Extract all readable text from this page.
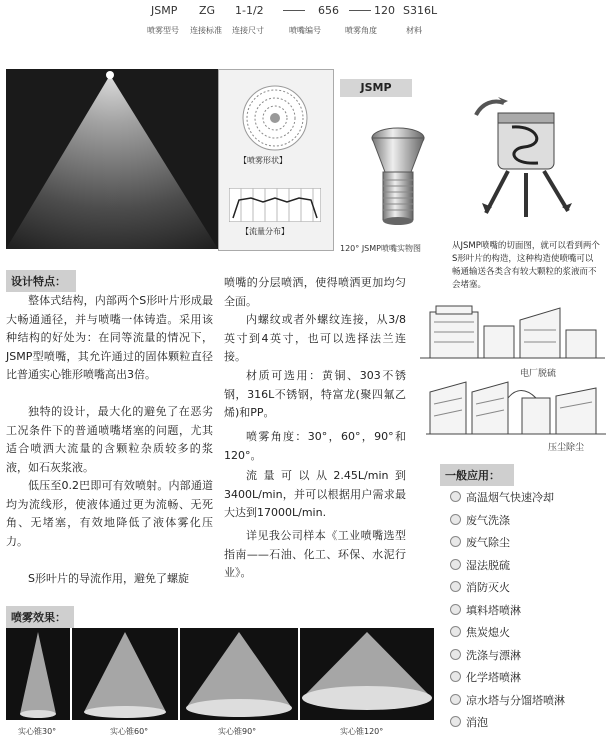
JSMP ZG 1-1/2	656	120 S316L
喷雾型号 连接标准 连接尺寸	喷嘴编号	喷雾角度	材料
【喷雾形状】
【流量分布】
JSMP
120° JSMP喷嘴实物图	从JSMP喷嘴的切面图，就可以看到两个S形叶片的构造，这种构造使喷嘴可以畅通输送各类含有较大颗粒的浆液而不会堵塞。

设计特点：

整体式结构，内部两个S形叶片形成最大畅通通径，并与喷嘴一体铸造。采用该种结构的好处为：在同等流量的情况下，JSMP型喷嘴，其允许通过的固体颗粒直径比普通实心锥形喷嘴高出3倍。

独特的设计，最大化的避免了在恶劣工况条件下的普通喷嘴堵塞的问题，尤其适合喷洒大流量的含颗粒杂质较多的浆液，如石灰浆液。

低压至0.2巴即可有效喷射。内部通道均为流线形，使液体通过更为流畅、无死角、无堵塞，有效地降低了液体雾化压力。

S形叶片的导流作用，避免了螺旋

喷嘴的分层喷洒，使得喷洒更加均匀全面。

内螺纹或者外螺纹连接，从3/8英寸到4英寸，也可以选择法兰连接。

材质可选用：黄铜、303不锈钢，316L不锈钢，特富龙(聚四氟乙烯)和PP。

喷雾角度：30°，60°，90°和120°。

流量可以从2.45L/min到3400L/min，并可以根据用户需求最大达到17000L/min.

详见我公司样本《工业喷嘴选型指南——石油、化工、环保、水泥行业》。

电厂脱硫
压尘除尘
一般应用：
高温烟气快速冷却
废气洗涤
废气除尘
湿法脱硫
消防灭火
填料塔喷淋
焦炭熄火
洗涤与漂淋
化学塔喷淋
凉水塔与分馏塔喷淋
消泡
喷雾效果：
实心锥30°	实心锥60°	实心锥90°	实心锥120°
